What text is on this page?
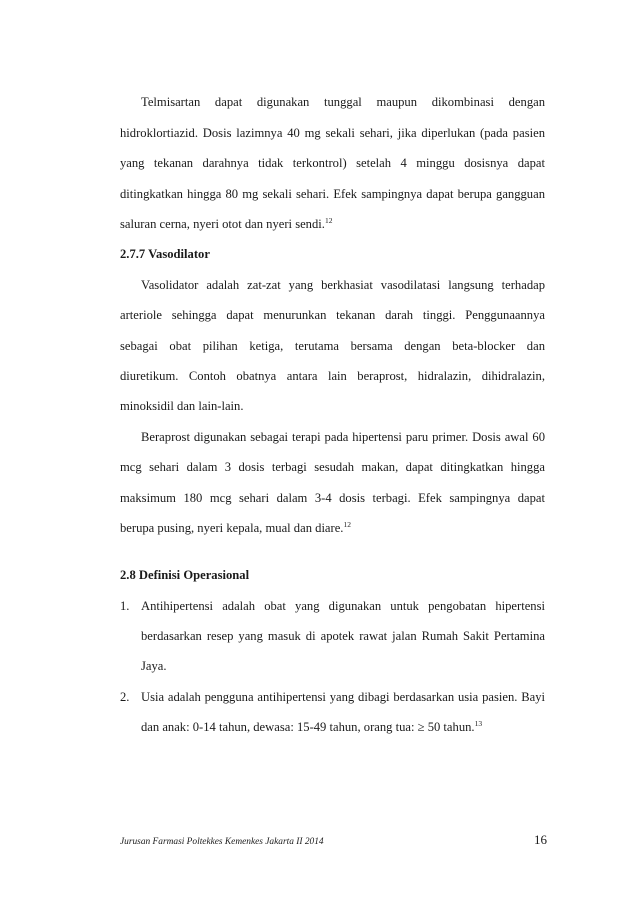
Telmisartan dapat digunakan tunggal maupun dikombinasi dengan
hidroklortiazid. Dosis lazimnya 40 mg sekali sehari, jika diperlukan (pada pasien
yang tekanan darahnya tidak terkontrol) setelah 4 minggu dosisnya dapat
ditingkatkan hingga 80 mg sekali sehari. Efek sampingnya dapat berupa gangguan
saluran cerna, nyeri otot dan nyeri sendi.$^{12}$
2.7.7 Vasodilator
Vasolidator adalah zat-zat yang berkhasiat vasodilatasi langsung terhadap
arteriole sehingga dapat menurunkan tekanan darah tinggi. Penggunaannya
sebagai obat pilihan ketiga, terutama bersama dengan beta-blocker dan
diuretikum. Contoh obatnya antara lain beraprost, hidralazin, dihidralazin,
minoksidil dan lain-lain.
Beraprost digunakan sebagai terapi pada hipertensi paru primer. Dosis awal 60
mcg sehari dalam 3 dosis terbagi sesudah makan, dapat ditingkatkan hingga
maksimum 180 mcg sehari dalam 3-4 dosis terbagi. Efek sampingnya dapat
berupa pusing, nyeri kepala, mual dan diare.$^{12}$
2.8 Definisi Operasional
1. Antihipertensi adalah obat yang digunakan untuk pengobatan hipertensi
berdasarkan resep yang masuk di apotek rawat jalan Rumah Sakit Pertamina
Jaya.
2. Usia adalah pengguna antihipertensi yang dibagi berdasarkan usia pasien. Bayi
dan anak: 0-14 tahun, dewasa: 15-49 tahun, orang tua: ≥ 50 tahun.$^{13}$
Jurusan Farmasi Poltekkes Kemenkes Jakarta II 2014	16
